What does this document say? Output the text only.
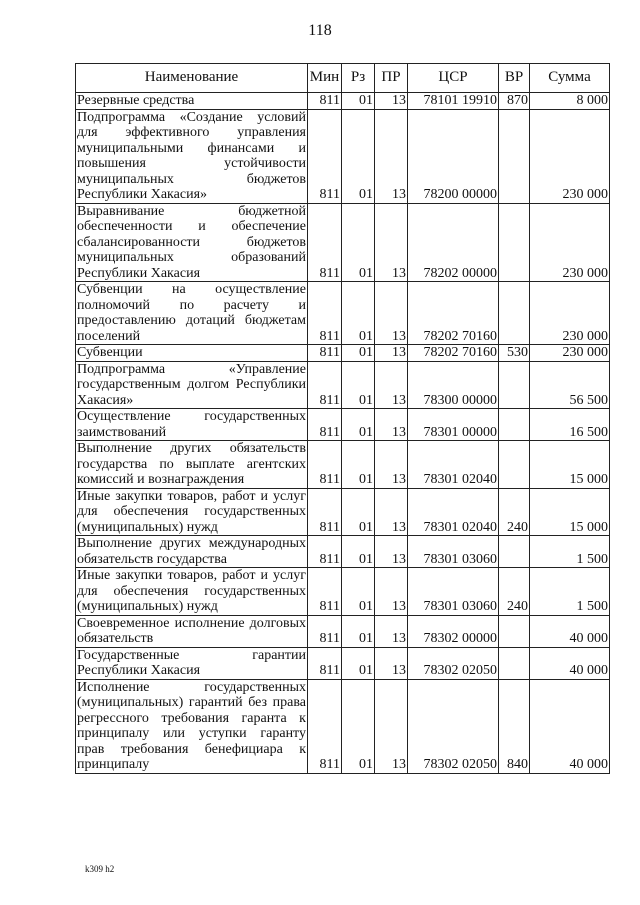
118
Наименование	Мин	Рз	ПР	ЦСР	ВР	Сумма
Резервные средства	811	01	13	78101 19910	870	8 000
Подпрограмма «Создание условий для эффективного управления муниципальными финансами и повышения устойчивости муниципальных бюджетов Республики Хакасия»	811	01	13	78200 00000		230 000
Выравнивание бюджетной обеспеченности и обеспечение сбалансированности бюджетов муниципальных образований Республики Хакасия	811	01	13	78202 00000		230 000
Субвенции на осуществление полномочий по расчету и предоставлению дотаций бюджетам поселений	811	01	13	78202 70160		230 000
Субвенции	811	01	13	78202 70160	530	230 000
Подпрограмма «Управление государственным долгом Республики Хакасия»	811	01	13	78300 00000		56 500
Осуществление государственных заимствований	811	01	13	78301 00000		16 500
Выполнение других обязательств государства по выплате агентских комиссий и вознаграждения	811	01	13	78301 02040		15 000
Иные закупки товаров, работ и услуг для обеспечения государственных (муниципальных) нужд	811	01	13	78301 02040	240	15 000
Выполнение других международных обязательств государства	811	01	13	78301 03060		1 500
Иные закупки товаров, работ и услуг для обеспечения государственных (муниципальных) нужд	811	01	13	78301 03060	240	1 500
Своевременное исполнение долговых обязательств	811	01	13	78302 00000		40 000
Государственные гарантии Республики Хакасия	811	01	13	78302 02050		40 000
Исполнение государственных (муниципальных) гарантий без права регрессного требования гаранта к принципалу или уступки гаранту прав требования бенефициара к принципалу	811	01	13	78302 02050	840	40 000
k309 h2
